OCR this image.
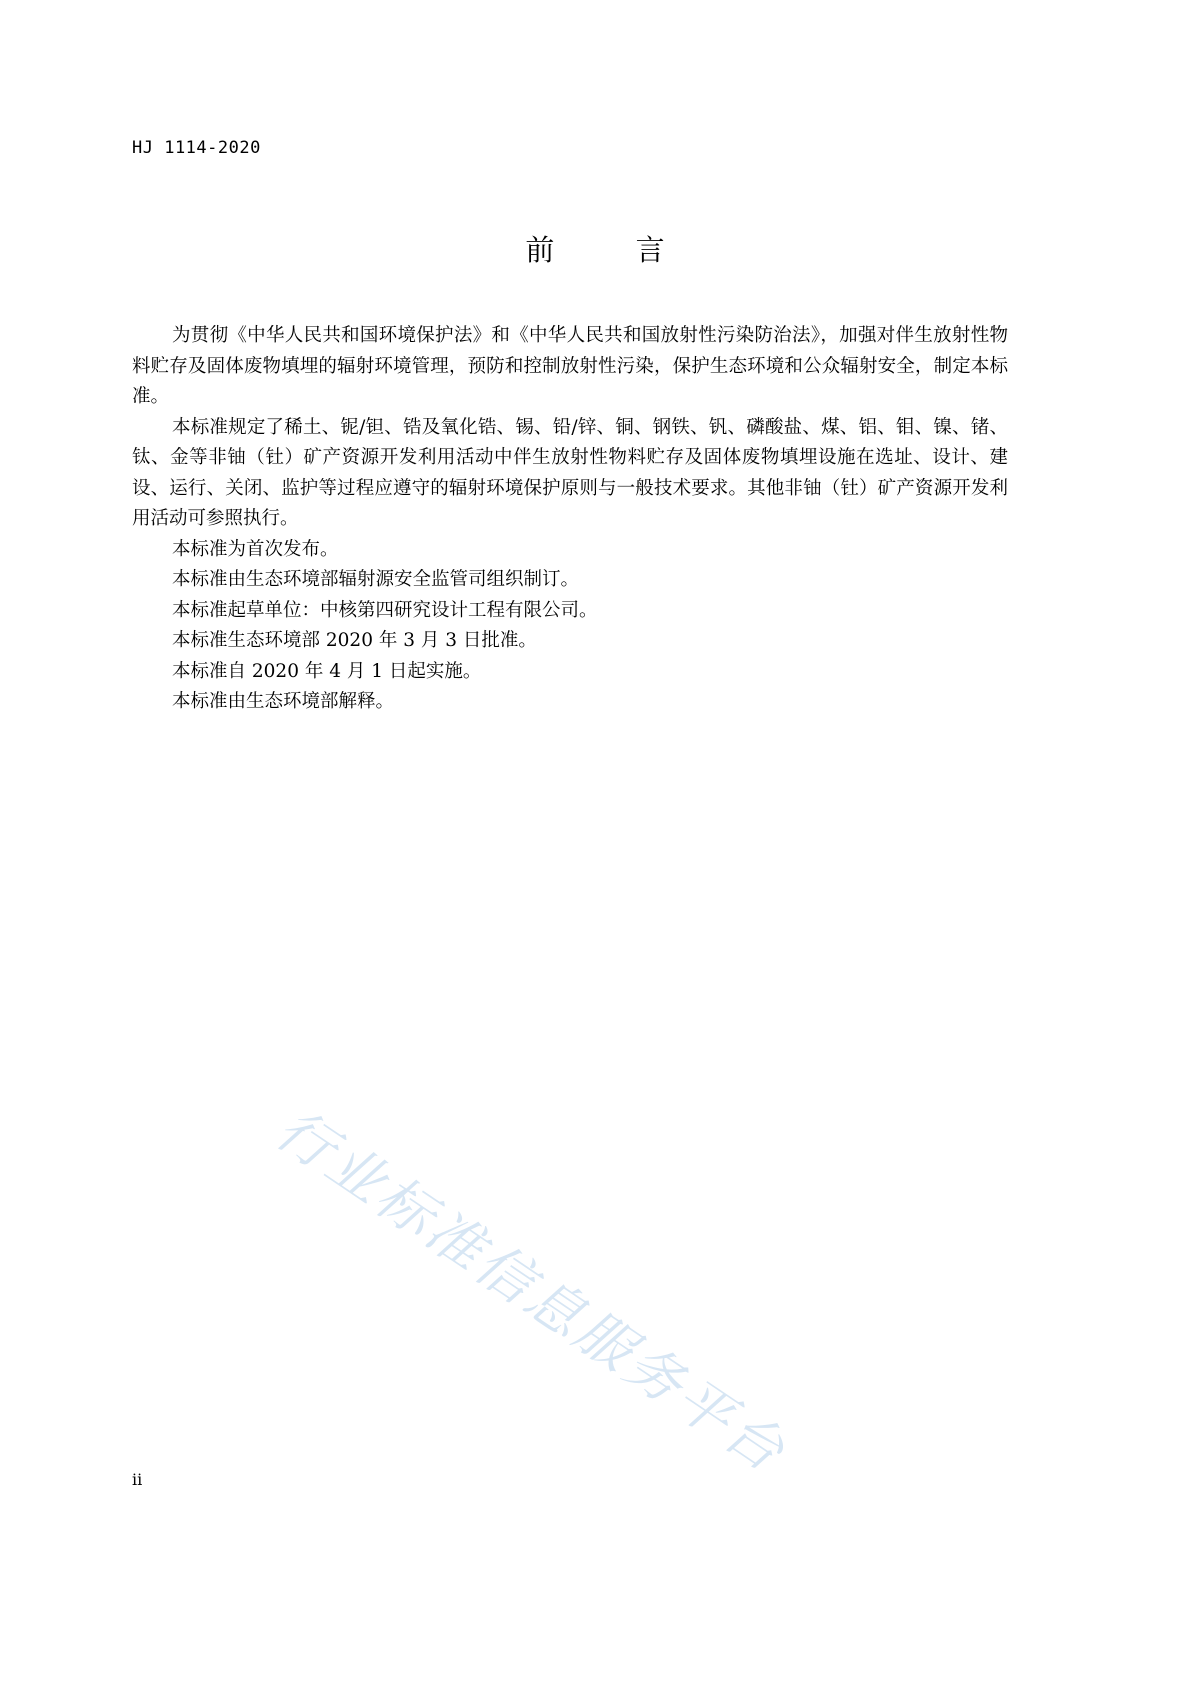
HJ 1114-2020
前 言

为贯彻《中华人民共和国环境保护法》和《中华人民共和国放射性污染防治法》，加强对伴生放射性物料贮存及固体废物填埋的辐射环境管理，预防和控制放射性污染，保护生态环境和公众辐射安全，制定本标准。

本标准规定了稀土、铌/钽、锆及氧化锆、锡、铅/锌、铜、钢铁、钒、磷酸盐、煤、铝、钼、镍、锗、钛、金等非铀（钍）矿产资源开发利用活动中伴生放射性物料贮存及固体废物填埋设施在选址、设计、建设、运行、关闭、监护等过程应遵守的辐射环境保护原则与一般技术要求。其他非铀（钍）矿产资源开发利用活动可参照执行。

本标准为首次发布。

本标准由生态环境部辐射源安全监管司组织制订。

本标准起草单位：中核第四研究设计工程有限公司。

本标准生态环境部 2020 年 3 月 3 日批准。

本标准自 2020 年 4 月 1 日起实施。

本标准由生态环境部解释。

行业标准信息服务平台
ii
